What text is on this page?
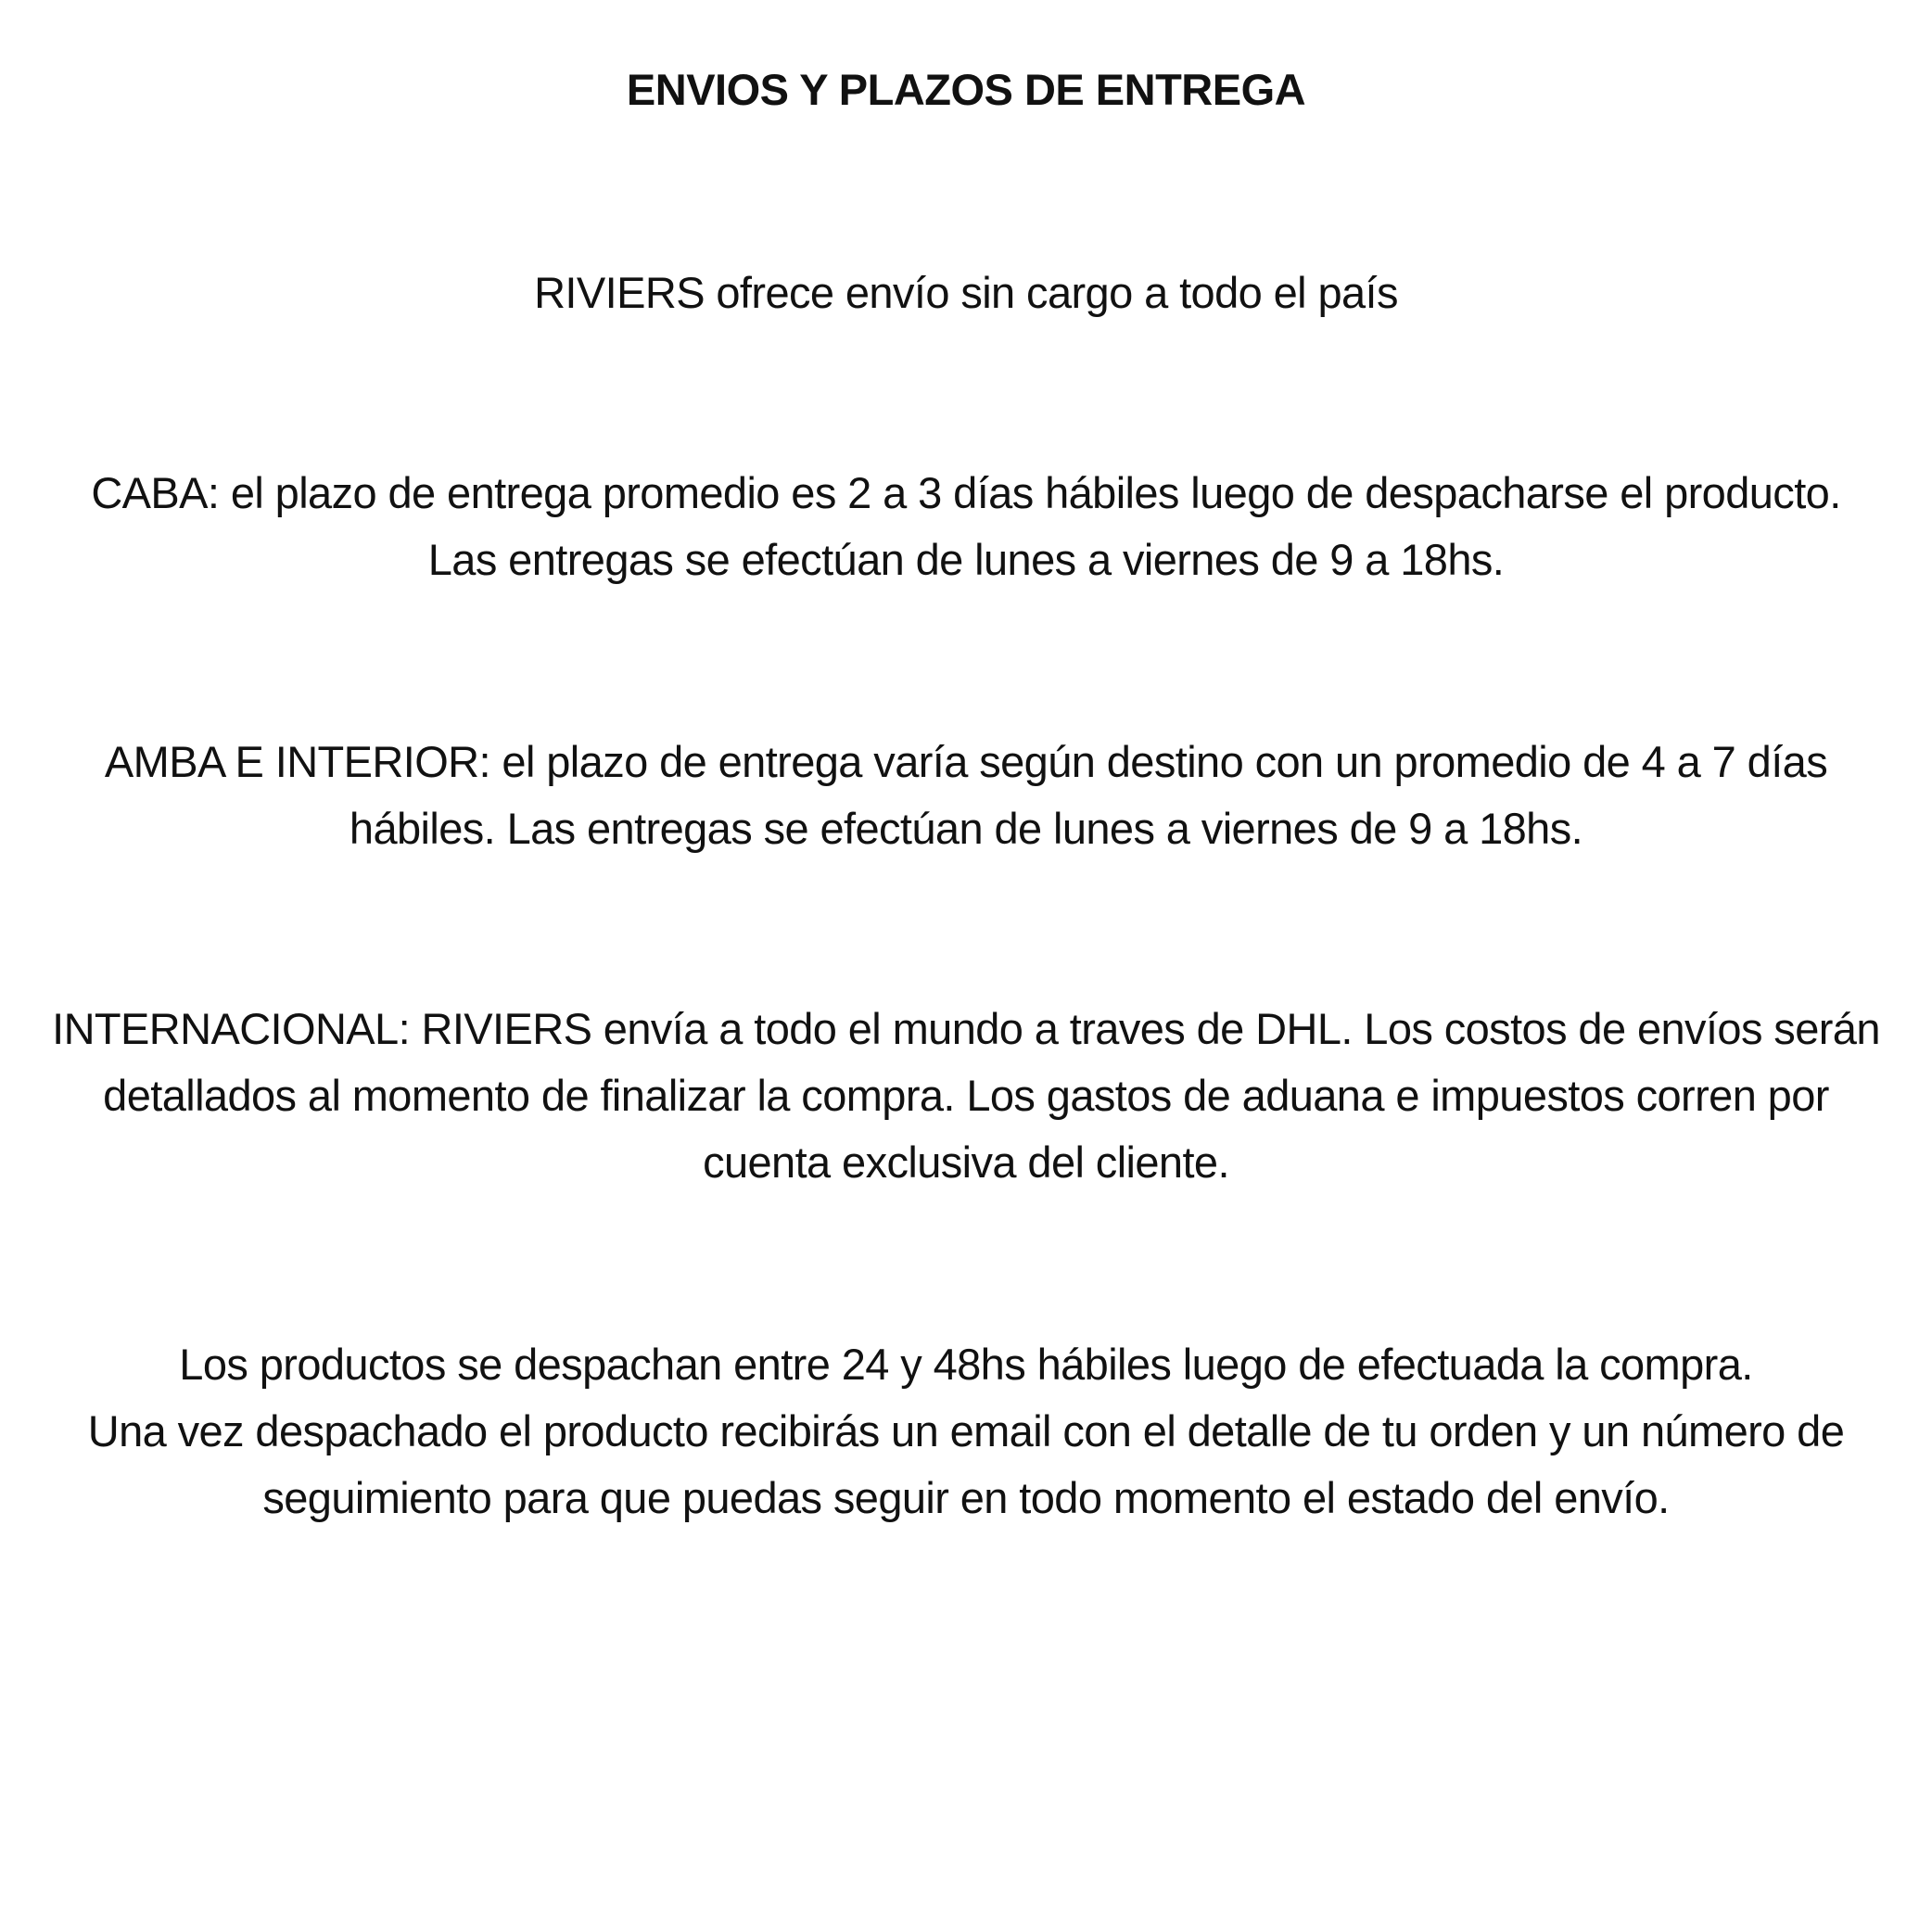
ENVIOS Y PLAZOS DE ENTREGA

RIVIERS ofrece envío sin cargo a todo el país

CABA: el plazo de entrega promedio es 2 a 3 días hábiles luego de despacharse el producto.
Las entregas se efectúan de lunes a viernes de 9 a 18hs.

AMBA E INTERIOR: el plazo de entrega varía según destino con un promedio de 4 a 7 días
hábiles. Las entregas se efectúan de lunes a viernes de 9 a 18hs.

INTERNACIONAL: RIVIERS envía a todo el mundo a traves de DHL. Los costos de envíos serán
detallados al momento de finalizar la compra. Los gastos de aduana e impuestos corren por
cuenta exclusiva del cliente.

Los productos se despachan entre 24 y 48hs hábiles luego de efectuada la compra.
Una vez despachado el producto recibirás un email con el detalle de tu orden y un número de
seguimiento para que puedas seguir en todo momento el estado del envío.
